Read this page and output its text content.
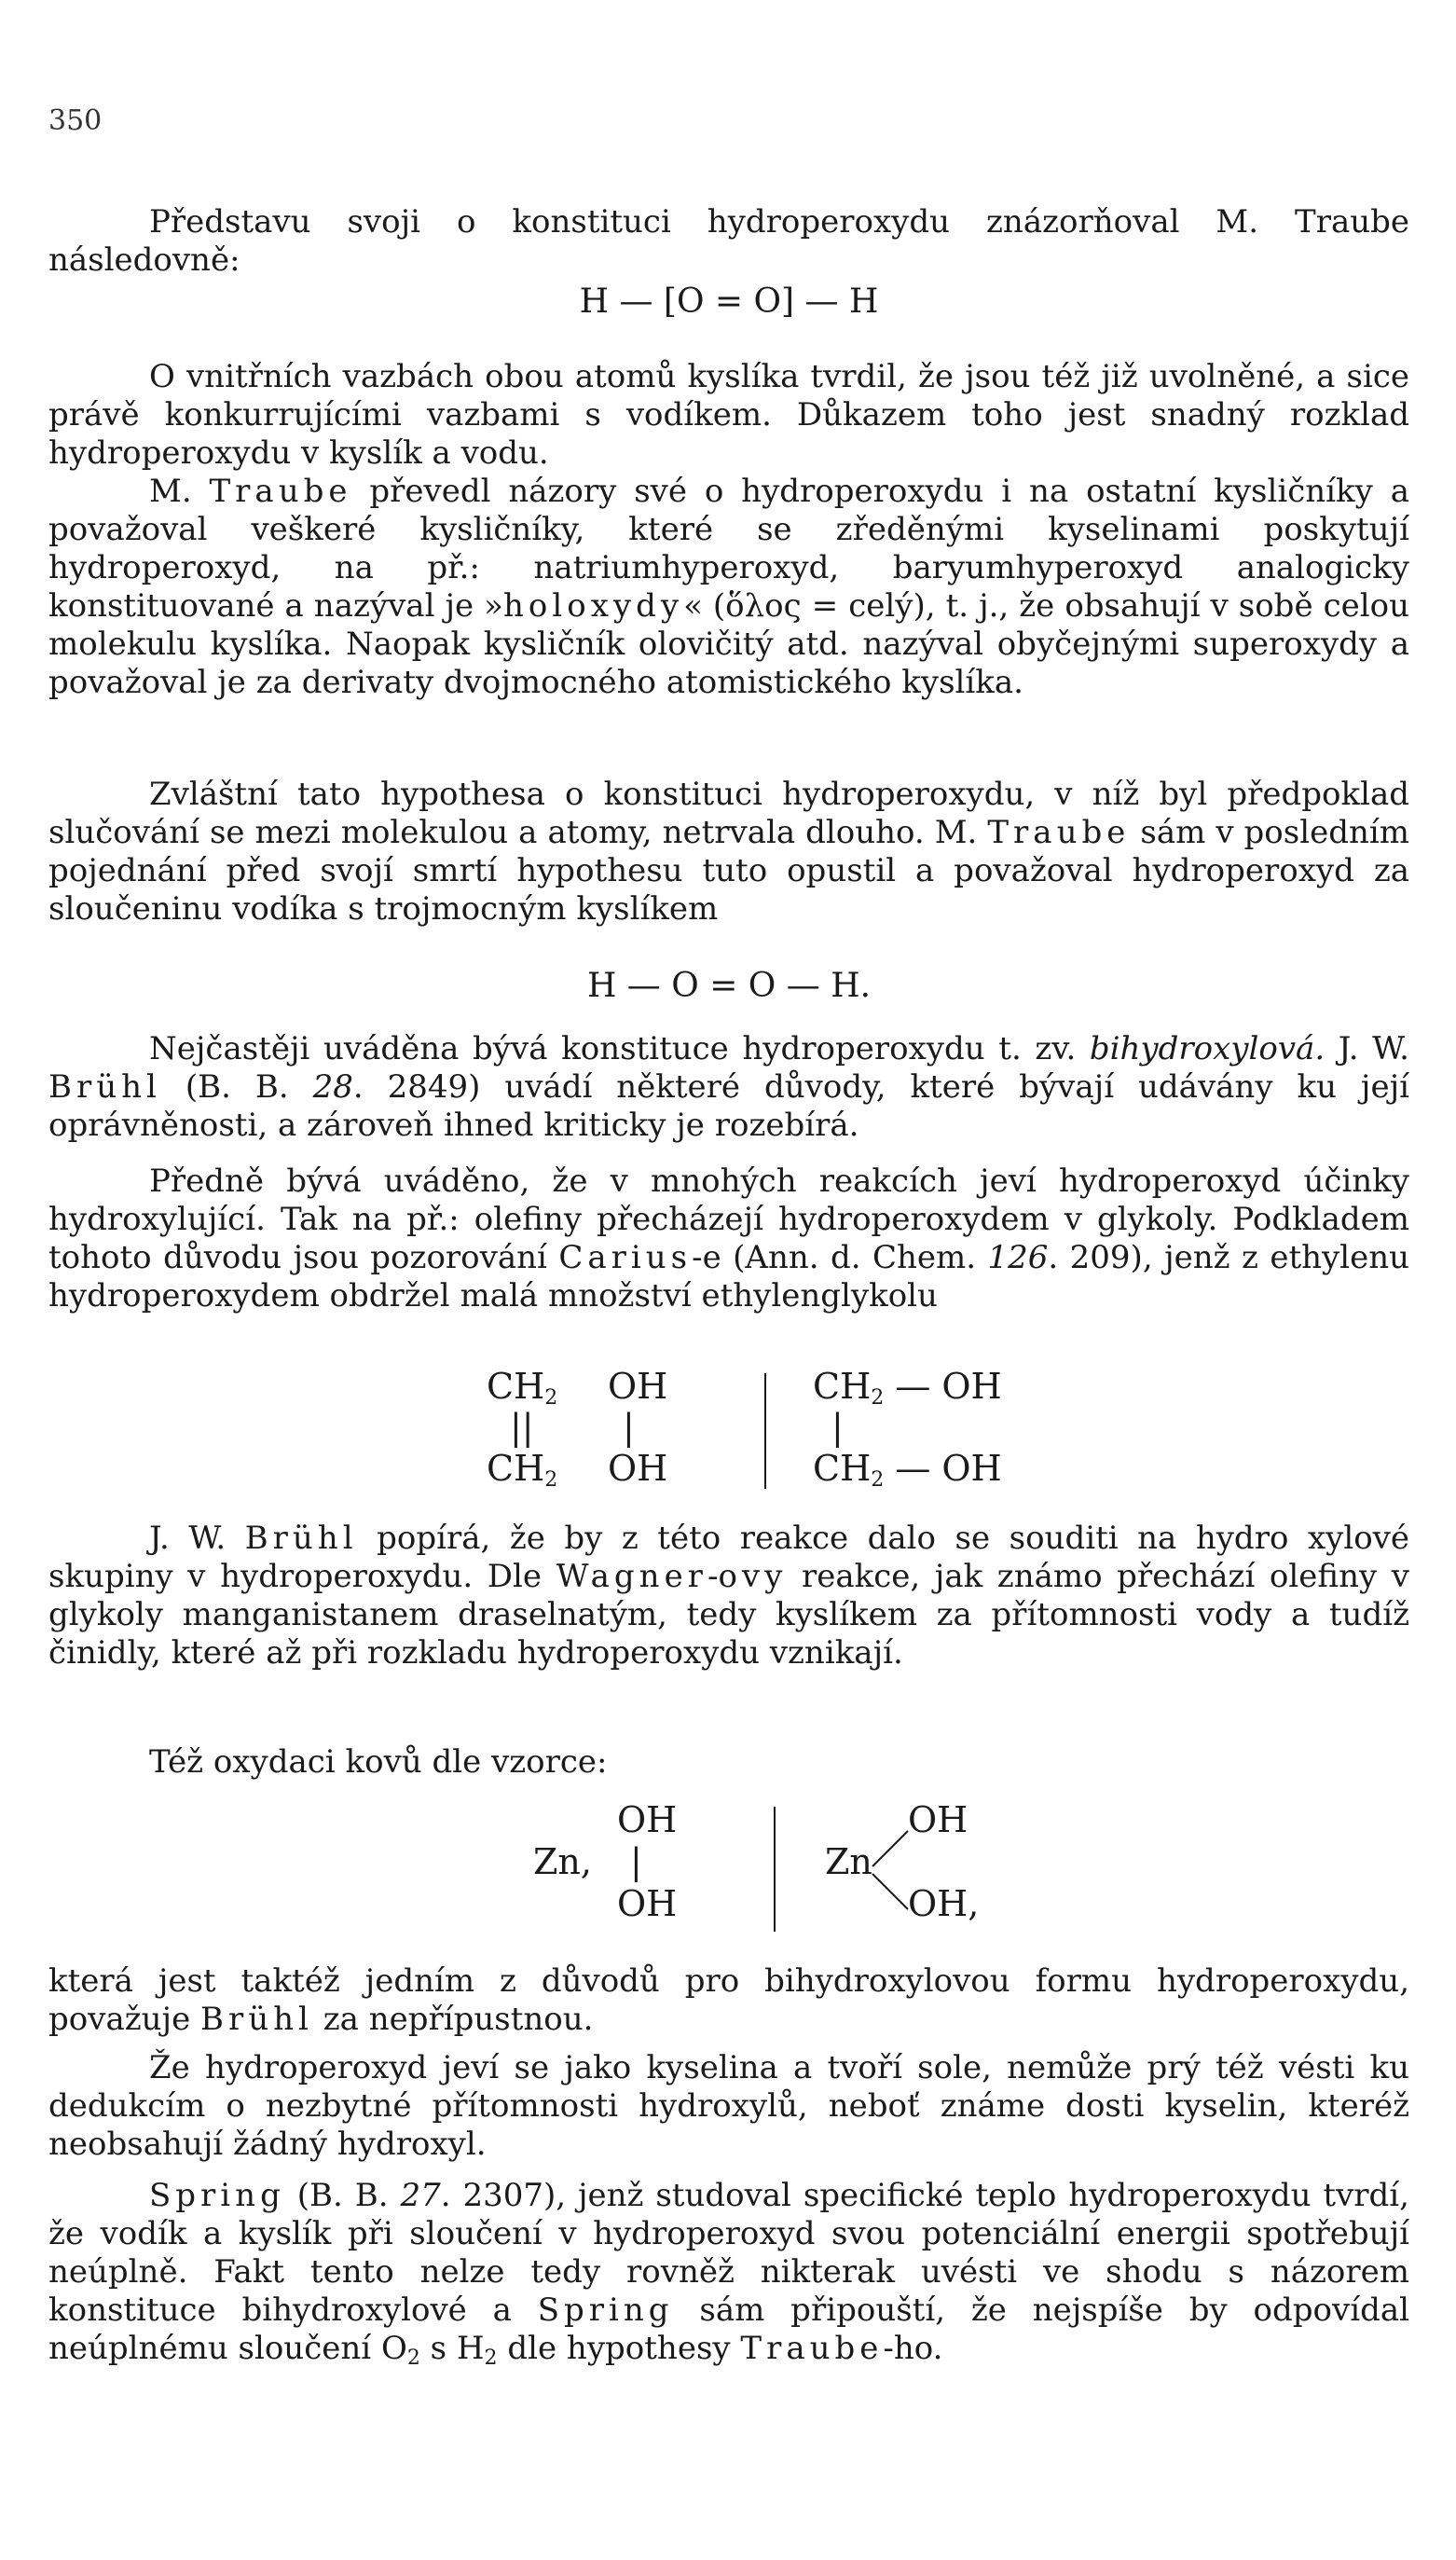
350

Představu svoji o konstituci hydroperoxydu znázorňoval M. Traube následovně:

H — [O = O] — H

O vnitřních vazbách obou atomů kyslíka tvrdil, že jsou též již uvolněné, a sice právě konkurrujícími vazbami s vodíkem. Důkazem toho jest snadný rozklad hydroperoxydu v kyslík a vodu.

M. Traube převedl názory své o hydroperoxydu i na ostatní kysličníky a považoval veškeré kysličníky, které se zředěnými kyselinami poskytují hydroperoxyd, na př.: natriumhyperoxyd, baryumhyperoxyd analogicky konstituované a nazýval je »holoxydy« (ὅλος = celý), t. j., že obsahují v sobě celou molekulu kyslíka. Naopak kysličník olovičitý atd. nazýval obyčejnými superoxydy a považoval je za derivaty dvojmocného atomistického kyslíka.

Zvláštní tato hypothesa o konstituci hydroperoxydu, v níž byl předpoklad slučování se mezi molekulou a atomy, netrvala dlouho. M. Traube sám v posledním pojednání před svojí smrtí hypothesu tuto opustil a považoval hydroperoxyd za sloučeninu vodíka s trojmocným kyslíkem

H — O = O — H.

Nejčastěji uváděna bývá konstituce hydroperoxydu t. zv. bihydroxylová. J. W. Brühl (B. B. 28. 2849) uvádí některé důvody, které bývají udávány ku její oprávněnosti, a zároveň ihned kriticky je rozebírá.

Předně bývá uváděno, že v mnohých reakcích jeví hydroperoxyd účinky hydroxylující. Tak na př.: olefiny přecházejí hydroperoxydem v glykoly. Podkladem tohoto důvodu jsou pozorování Carius-e (Ann. d. Chem. 126. 209), jenž z ethylenu hydroperoxydem obdržel malá množství ethylenglykolu

$CH_2$ OH
||	|
$CH_2$ OH
$CH_2$ — OH
|
$CH_2$ — OH

J. W. Brühl popírá, že by z této reakce dalo se souditi na hydro xylové skupiny v hydroperoxydu. Dle Wagner-ovy reakce, jak známo přechází olefiny v glykoly manganistanem draselnatým, tedy kyslíkem za přítomnosti vody a tudíž činidly, které až při rozkladu hydroperoxydu vznikají.

Též oxydaci kovů dle vzorce:

OH
Zn, |
OH
Zn
OH
OH,

která jest taktéž jedním z důvodů pro bihydroxylovou formu hydroperoxydu, považuje Brühl za nepřípustnou.

Že hydroperoxyd jeví se jako kyselina a tvoří sole, nemůže prý též vésti ku dedukcím o nezbytné přítomnosti hydroxylů, neboť známe dosti kyselin, kteréž neobsahují žádný hydroxyl.

Spring (B. B. 27. 2307), jenž studoval specifické teplo hydroperoxydu tvrdí, že vodík a kyslík při sloučení v hydroperoxyd svou potenciální energii spotřebují neúplně. Fakt tento nelze tedy rovněž nikterak uvésti ve shodu s názorem konstituce bihydroxylové a Spring sám připouští, že nejspíše by odpovídal neúplnému sloučení $O_2$ s $H_2$ dle hypothesy Traube-ho.
